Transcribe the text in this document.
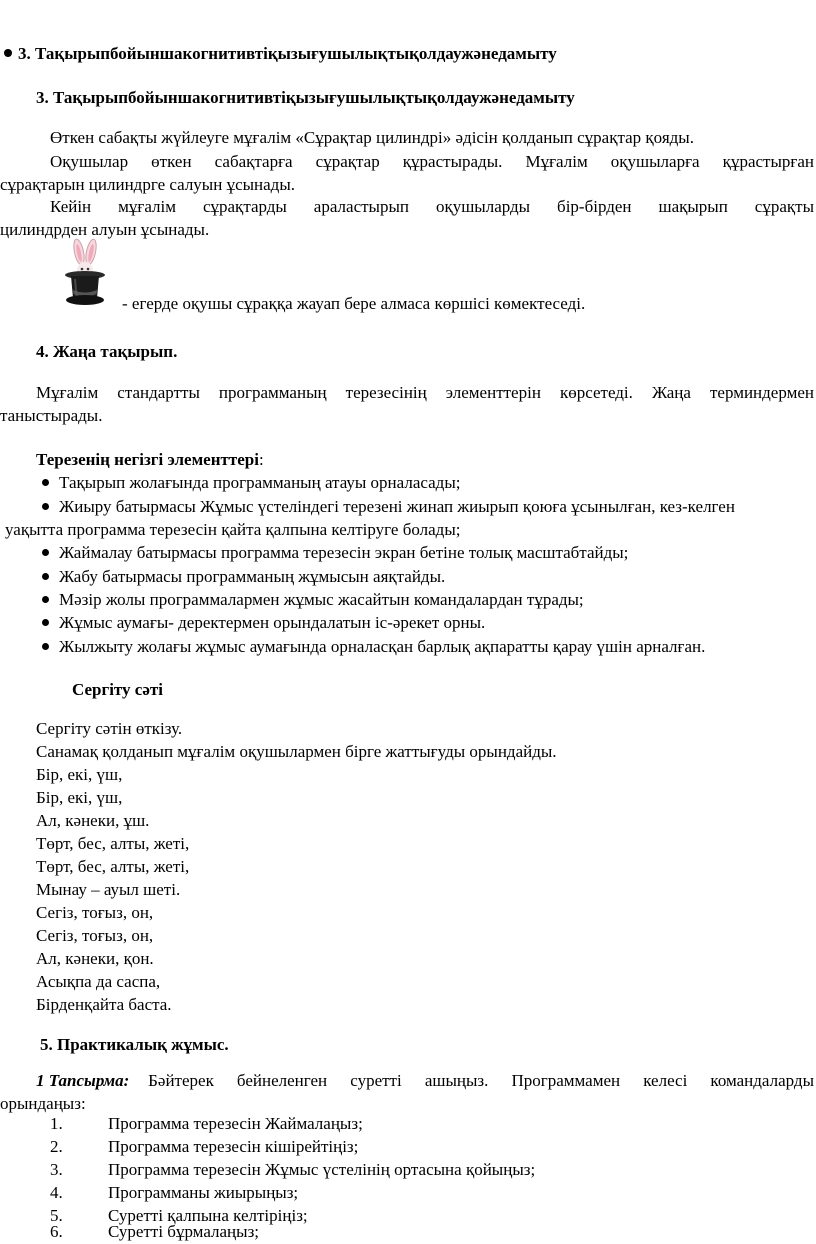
3. Тақырыпбойыншакогнитивтіқызығушылықтықолдаужәнедамыту
3. Тақырыпбойыншакогнитивтіқызығушылықтықолдаужәнедамыту
Өткен сабақты жүйлеуге мұғалім «Сұрақтар цилиндрі» әдісін қолданып сұрақтар қояды.
Оқушылар өткен сабақтарға сұрақтар құрастырады. Мұғалім оқушыларға құрастырған
сұрақтарын цилиндрге салуын ұсынады.
Кейін мұғалім сұрақтарды араластырып оқушыларды бір-бірден шақырып сұрақты
цилиндрден алуын ұсынады.
- егерде оқушы сұраққа жауап бере алмаса көршісі көмектеседі.
4. Жаңа тақырып.
Мұғалім стандартты программаның терезесінің элементтерін көрсетеді. Жаңа терминдермен
таныстырады.
Терезенің негізгі элементтері:
Тақырып жолағында программаның атауы орналасады;
Жиыру батырмасы Жұмыс үстеліндегі терезені жинап жиырып қоюға ұсынылған, кез-келген
уақытта программа терезесін қайта қалпына келтіруге болады;
Жаймалау батырмасы программа терезесін экран бетіне толық масштабтайды;
Жабу батырмасы программаның жұмысын аяқтайды.
Мәзір жолы программалармен жұмыс жасайтын командалардан тұрады;
Жұмыс аумағы- деректермен орындалатын іс-әрекет орны.
Жылжыту жолағы жұмыс аумағында орналасқан барлық ақпаратты қарау үшін арналған.
Сергіту сәті
Сергіту сәтін өткізу.
Санамақ қолданып мұғалім оқушылармен бірге жаттығуды орындайды.
Бір, екі, үш,
Бір, екі, үш,
Ал, кәнеки, ұш.
Төрт, бес, алты, жеті,
Төрт, бес, алты, жеті,
Мынау – ауыл шеті.
Сегіз, тоғыз, он,
Сегіз, тоғыз, он,
Ал, кәнеки, қон.
Асықпа да саспа,
Бірденқайта баста.
5. Практикалық жұмыс.
1 Тапсырма:	Бәйтерек бейнеленген суретті ашыңыз. Программамен келесі командаларды
орындаңыз:
1.	Программа терезесін Жаймалаңыз;
2.	Программа терезесін кішірейтіңіз;
3.	Программа терезесін Жұмыс үстелінің ортасына қойыңыз;
4.	Программаны жиырыңыз;
5.	Суретті қалпына келтіріңіз;
6.	Суретті бұрмалаңыз;
